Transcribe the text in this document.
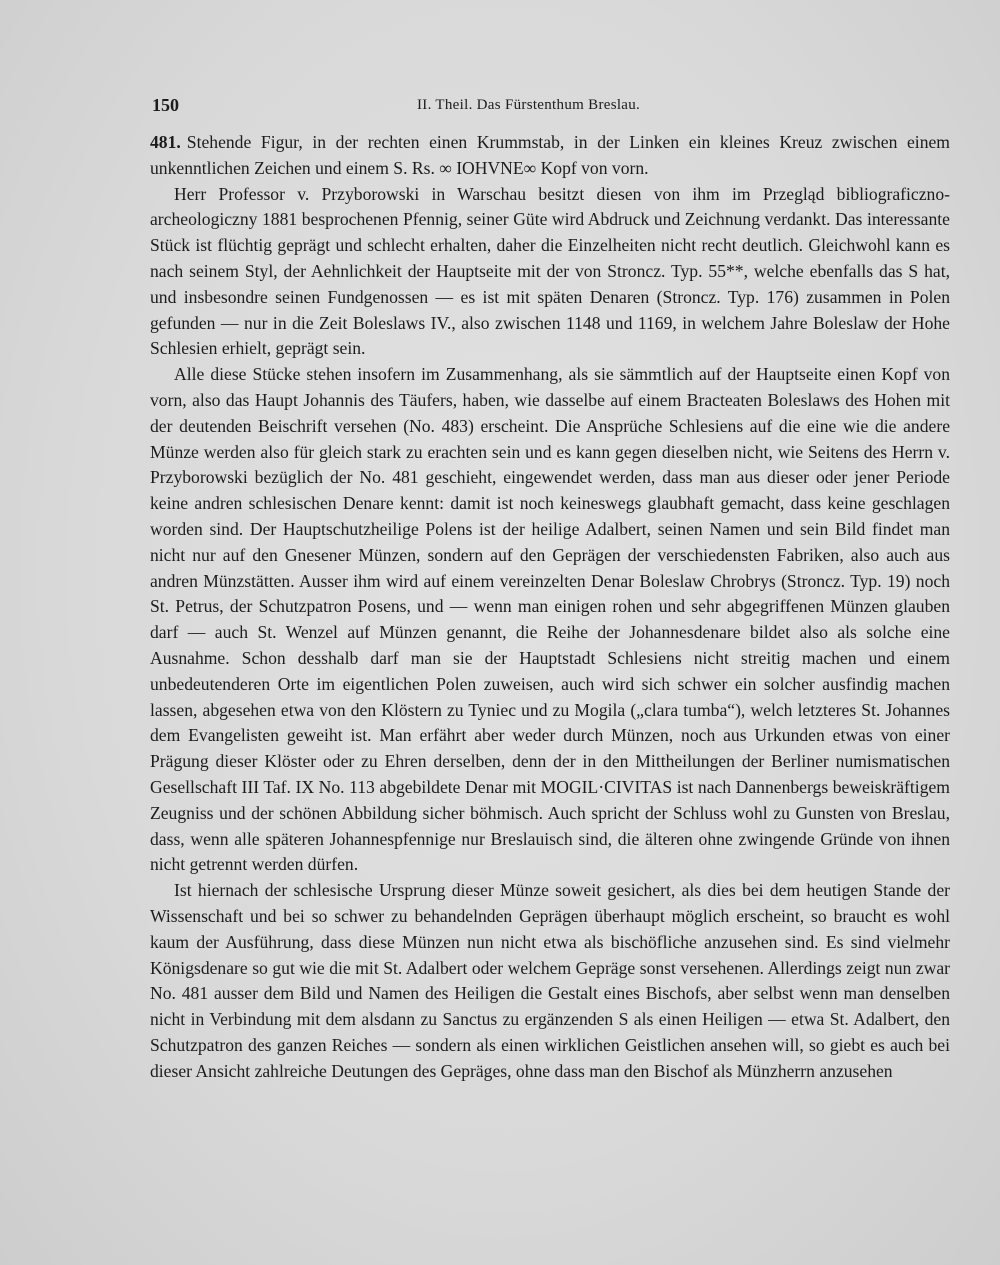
150	II. Theil. Das Fürstenthum Breslau.

481. Stehende Figur, in der rechten einen Krummstab, in der Linken ein kleines Kreuz zwischen einem unkenntlichen Zeichen und einem S. Rs. ∞ IOHVNE∞ Kopf von vorn.

Herr Professor v. Przyborowski in Warschau besitzt diesen von ihm im Przegląd bibliograficzno-archeologiczny 1881 besprochenen Pfennig, seiner Güte wird Abdruck und Zeichnung verdankt. Das interessante Stück ist flüchtig geprägt und schlecht erhalten, daher die Einzelheiten nicht recht deutlich. Gleichwohl kann es nach seinem Styl, der Aehnlichkeit der Hauptseite mit der von Stroncz. Typ. 55**, welche ebenfalls das S hat, und insbesondre seinen Fundgenossen — es ist mit späten Denaren (Stroncz. Typ. 176) zusammen in Polen gefunden — nur in die Zeit Boleslaws IV., also zwischen 1148 und 1169, in welchem Jahre Boleslaw der Hohe Schlesien erhielt, geprägt sein.

Alle diese Stücke stehen insofern im Zusammenhang, als sie sämmtlich auf der Hauptseite einen Kopf von vorn, also das Haupt Johannis des Täufers, haben, wie dasselbe auf einem Bracteaten Boleslaws des Hohen mit der deutenden Beischrift versehen (No. 483) erscheint. Die Ansprüche Schlesiens auf die eine wie die andere Münze werden also für gleich stark zu erachten sein und es kann gegen dieselben nicht, wie Seitens des Herrn v. Przyborowski bezüglich der No. 481 geschieht, eingewendet werden, dass man aus dieser oder jener Periode keine andren schlesischen Denare kennt: damit ist noch keineswegs glaubhaft gemacht, dass keine geschlagen worden sind. Der Hauptschutzheilige Polens ist der heilige Adalbert, seinen Namen und sein Bild findet man nicht nur auf den Gnesener Münzen, sondern auf den Geprägen der verschiedensten Fabriken, also auch aus andren Münzstätten. Ausser ihm wird auf einem vereinzelten Denar Boleslaw Chrobrys (Stroncz. Typ. 19) noch St. Petrus, der Schutzpatron Posens, und — wenn man einigen rohen und sehr abgegriffenen Münzen glauben darf — auch St. Wenzel auf Münzen genannt, die Reihe der Johannesdenare bildet also als solche eine Ausnahme. Schon desshalb darf man sie der Hauptstadt Schlesiens nicht streitig machen und einem unbedeutenderen Orte im eigentlichen Polen zuweisen, auch wird sich schwer ein solcher ausfindig machen lassen, abgesehen etwa von den Klöstern zu Tyniec und zu Mogila („clara tumba“), welch letzteres St. Johannes dem Evangelisten geweiht ist. Man erfährt aber weder durch Münzen, noch aus Urkunden etwas von einer Prägung dieser Klöster oder zu Ehren derselben, denn der in den Mittheilungen der Berliner numismatischen Gesellschaft III Taf. IX No. 113 abgebildete Denar mit MOGIL·CIVITAS ist nach Dannenbergs beweiskräftigem Zeugniss und der schönen Abbildung sicher böhmisch. Auch spricht der Schluss wohl zu Gunsten von Breslau, dass, wenn alle späteren Johannespfennige nur Breslauisch sind, die älteren ohne zwingende Gründe von ihnen nicht getrennt werden dürfen.

Ist hiernach der schlesische Ursprung dieser Münze soweit gesichert, als dies bei dem heutigen Stande der Wissenschaft und bei so schwer zu behandelnden Geprägen überhaupt möglich erscheint, so braucht es wohl kaum der Ausführung, dass diese Münzen nun nicht etwa als bischöfliche anzusehen sind. Es sind vielmehr Königsdenare so gut wie die mit St. Adalbert oder welchem Gepräge sonst versehenen. Allerdings zeigt nun zwar No. 481 ausser dem Bild und Namen des Heiligen die Gestalt eines Bischofs, aber selbst wenn man denselben nicht in Verbindung mit dem alsdann zu Sanctus zu ergänzenden S als einen Heiligen — etwa St. Adalbert, den Schutzpatron des ganzen Reiches — sondern als einen wirklichen Geistlichen ansehen will, so giebt es auch bei dieser Ansicht zahlreiche Deutungen des Gepräges, ohne dass man den Bischof als Münzherrn anzusehen
